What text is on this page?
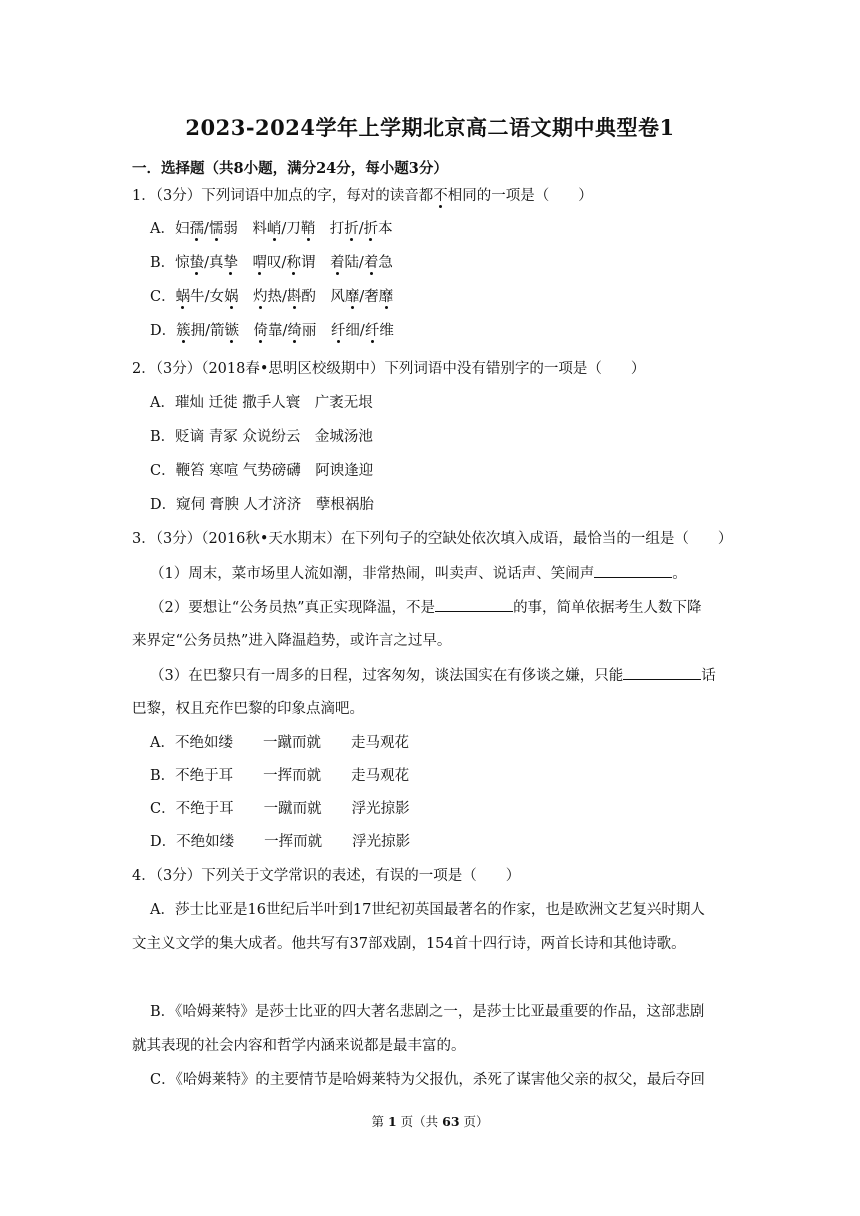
2023-2024学年上学期北京高二语文期中典型卷1
一．选择题（共8小题，满分24分，每小题3分）
1．（3分）下列词语中加点的字，每对的读音都不相同的一项是（　　）
A．妇孺/懦弱　料峭/刀鞘　打折/折本
B．惊蛰/真挚　 喟叹/称谓　着陆/着急
C．蜗牛/女娲　 灼热/斟酌　风靡/奢靡
D．簇拥/箭镞　 倚靠/绮丽　纤细/纤维
2．（3分）（2018春•思明区校级期中）下列词语中没有错别字的一项是（　　）
A．璀灿 迁徙 撒手人寰　广袤无垠
B．贬谪 青冢 众说纷云　金城汤池
C．鞭笞 寒喧 气势磅礴　阿谀逢迎
D．窥伺 膏腴 人才济济　孽根祸胎
3．（3分）（2016秋•天水期末）在下列句子的空缺处依次填入成语，最恰当的一组是（　　）
（1）周末，菜市场里人流如潮，非常热闹，叫卖声、说话声、笑闹声	。
（2）要想让“公务员热”真正实现降温，不是	的事，简单依据考生人数下降
来界定“公务员热”进入降温趋势，或许言之过早。
（3）在巴黎只有一周多的日程，过客匆匆，谈法国实在有侈谈之嫌，只能	话
巴黎，权且充作巴黎的印象点滴吧。
A．不绝如缕 一蹴而就 走马观花
B．不绝于耳 一挥而就 走马观花
C．不绝于耳 一蹴而就 浮光掠影
D．不绝如缕 一挥而就 浮光掠影
4．（3分）下列关于文学常识的表述，有误的一项是（　　）
A．莎士比亚是16世纪后半叶到17世纪初英国最著名的作家，也是欧洲文艺复兴时期人
文主义文学的集大成者。他共写有37部戏剧，154首十四行诗，两首长诗和其他诗歌。
B．《哈姆莱特》是莎士比亚的四大著名悲剧之一，是莎士比亚最重要的作品，这部悲剧
就其表现的社会内容和哲学内涵来说都是最丰富的。
C．《哈姆莱特》的主要情节是哈姆莱特为父报仇，杀死了谋害他父亲的叔父，最后夺回
第 1 页（共 63 页）
